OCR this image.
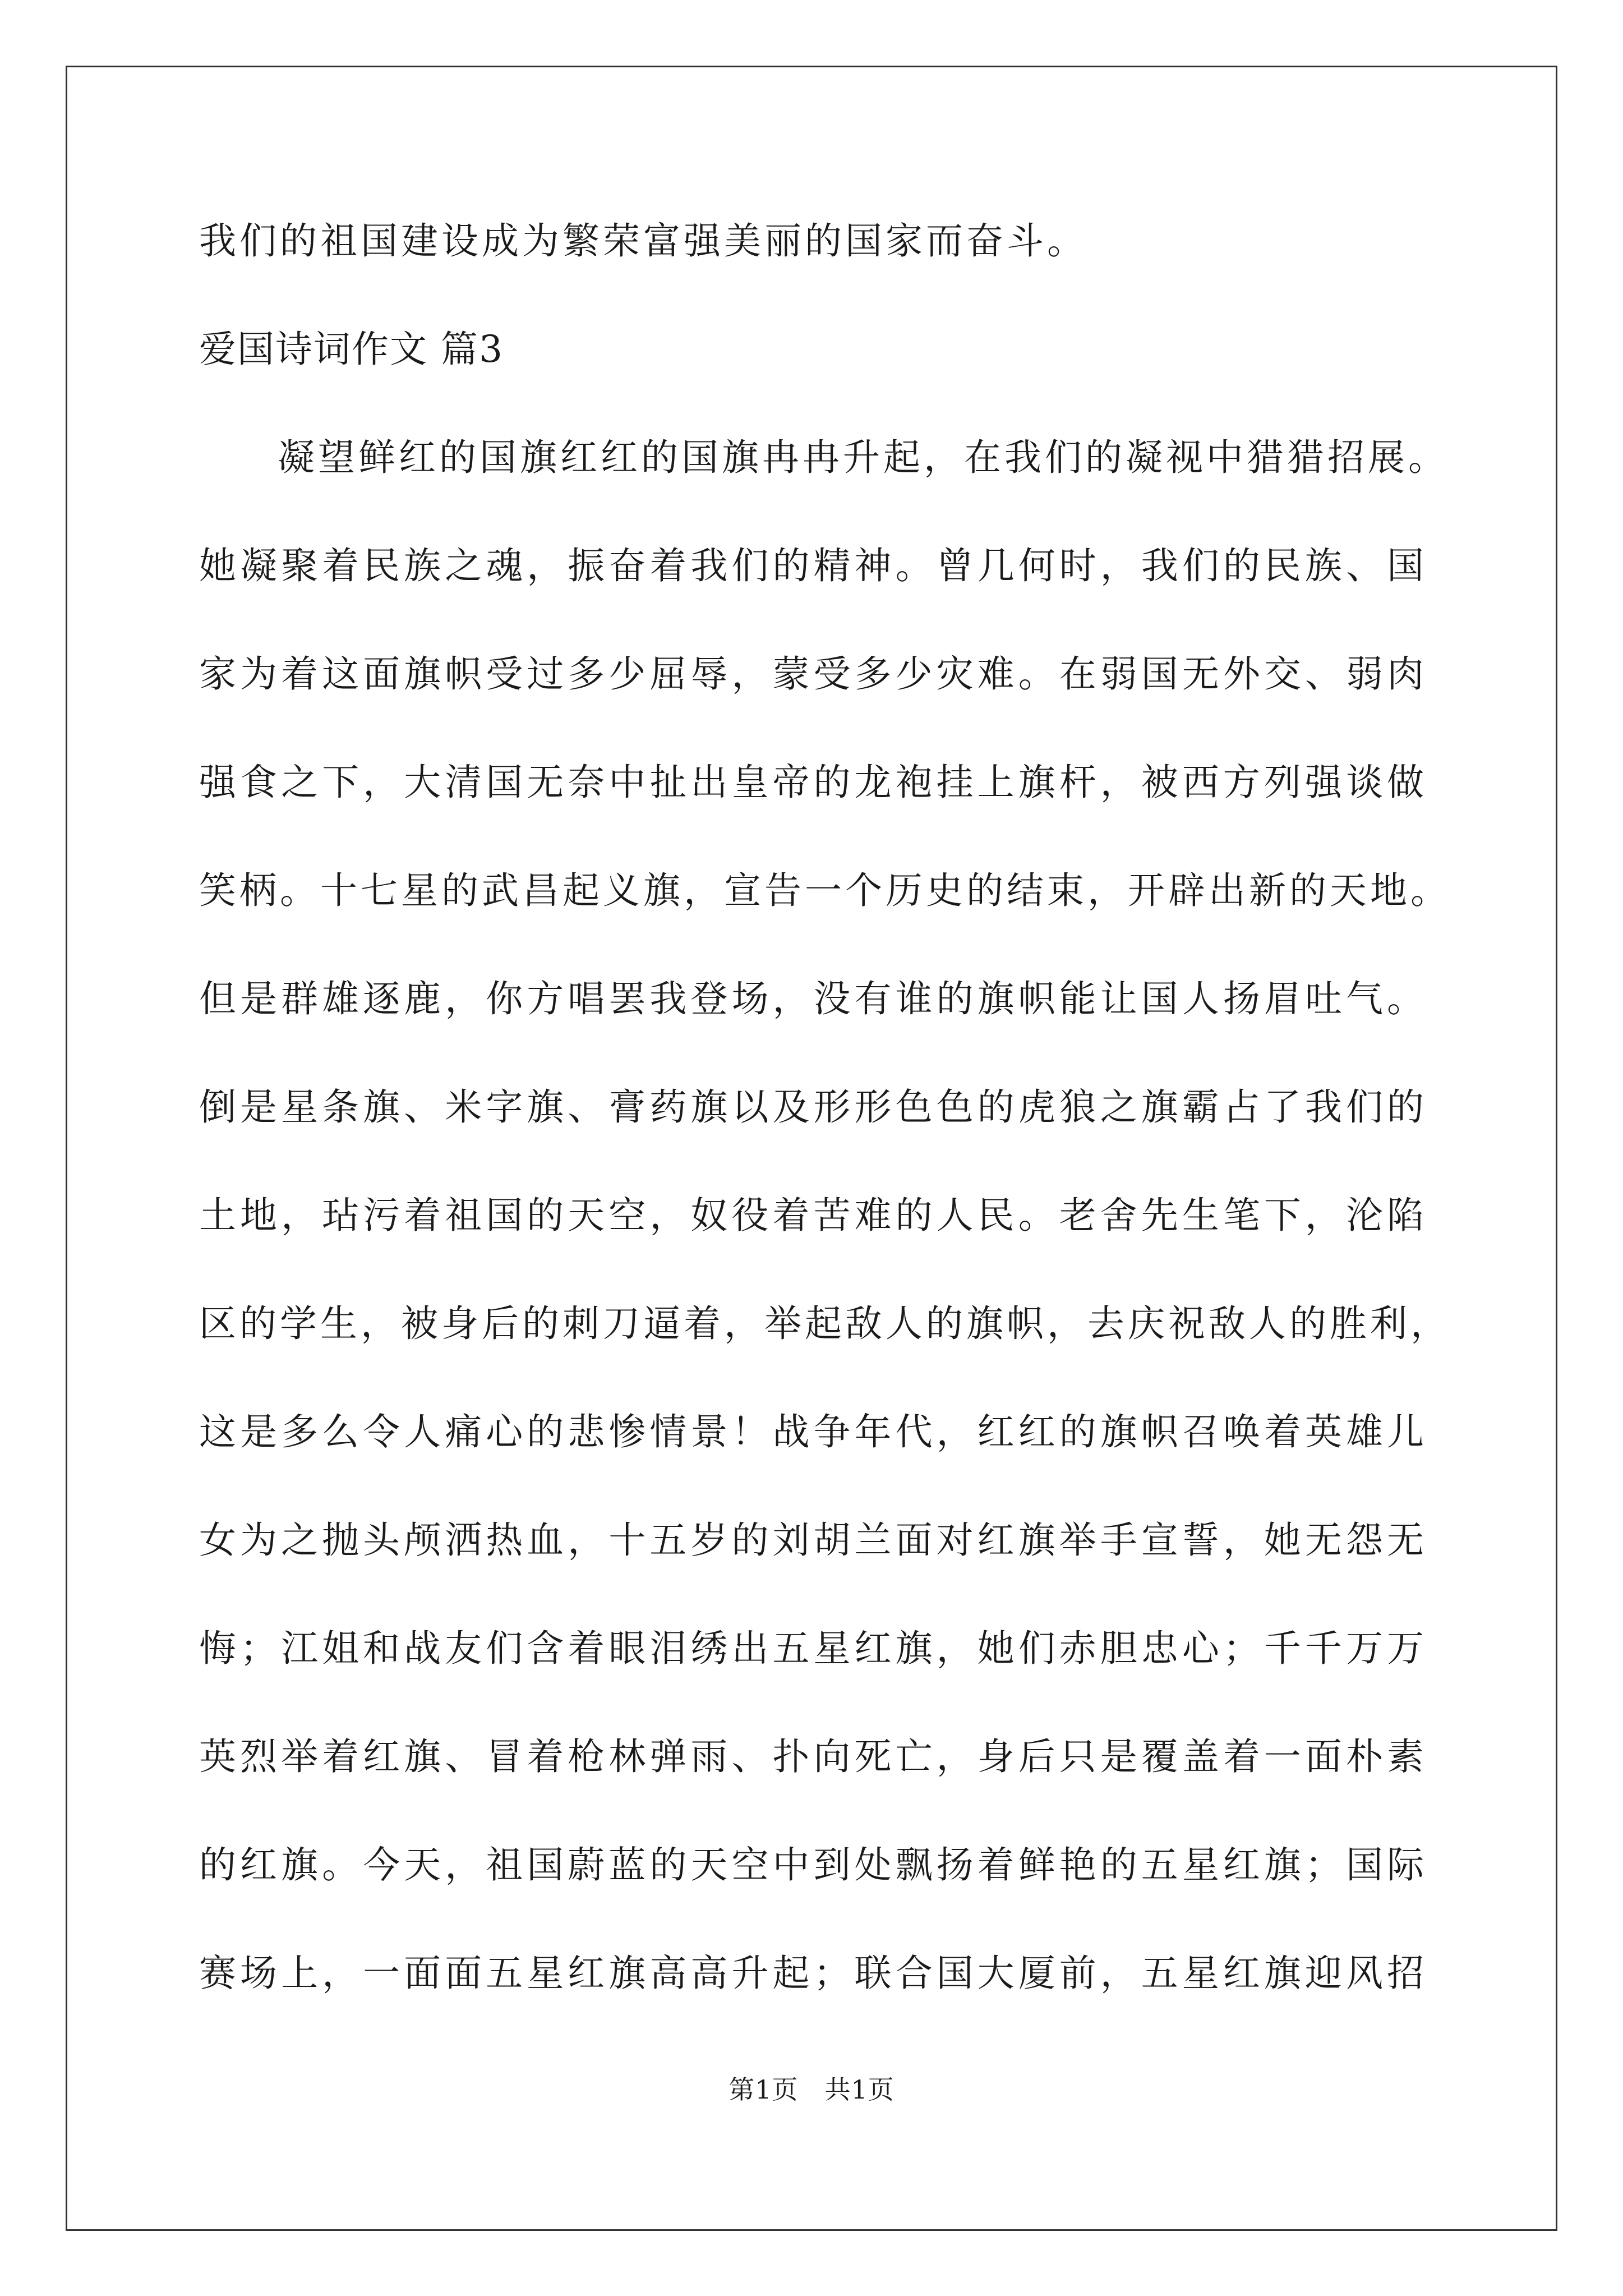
我们的祖国建设成为繁荣富强美丽的国家而奋斗。
爱国诗词作文 篇3
凝望鲜红的国旗红红的国旗冉冉升起，在我们的凝视中猎猎招展。
她凝聚着民族之魂，振奋着我们的精神。曾几何时，我们的民族、国
家为着这面旗帜受过多少屈辱，蒙受多少灾难。在弱国无外交、弱肉
强食之下，大清国无奈中扯出皇帝的龙袍挂上旗杆，被西方列强谈做
笑柄。十七星的武昌起义旗，宣告一个历史的结束，开辟出新的天地。
但是群雄逐鹿，你方唱罢我登场，没有谁的旗帜能让国人扬眉吐气。
倒是星条旗、米字旗、膏药旗以及形形色色的虎狼之旗霸占了我们的
土地，玷污着祖国的天空，奴役着苦难的人民。老舍先生笔下，沦陷
区的学生，被身后的刺刀逼着，举起敌人的旗帜，去庆祝敌人的胜利，
这是多么令人痛心的悲惨情景！战争年代，红红的旗帜召唤着英雄儿
女为之抛头颅洒热血，十五岁的刘胡兰面对红旗举手宣誓，她无怨无
悔；江姐和战友们含着眼泪绣出五星红旗，她们赤胆忠心；千千万万
英烈举着红旗、冒着枪林弹雨、扑向死亡，身后只是覆盖着一面朴素
的红旗。今天，祖国蔚蓝的天空中到处飘扬着鲜艳的五星红旗；国际
赛场上，一面面五星红旗高高升起；联合国大厦前，五星红旗迎风招
第1页　共1页
